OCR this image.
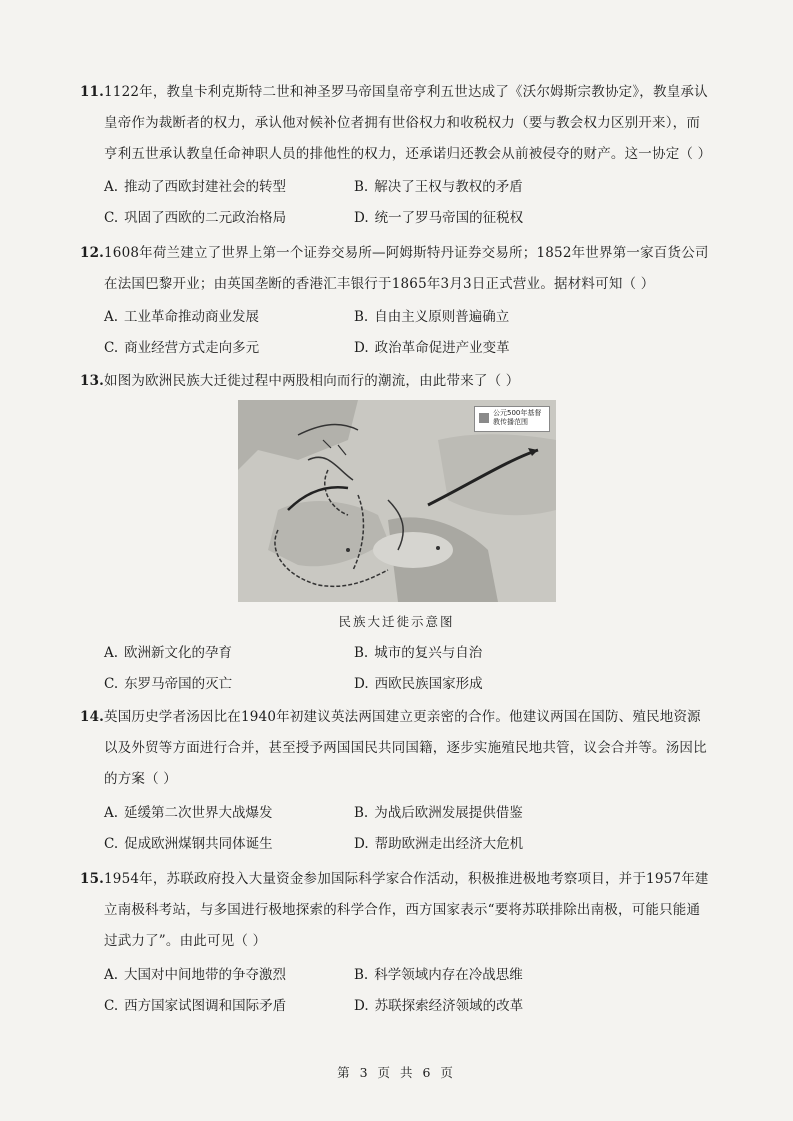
11.1122年，教皇卡利克斯特二世和神圣罗马帝国皇帝亨利五世达成了《沃尔姆斯宗教协定》，教皇承认
皇帝作为裁断者的权力，承认他对候补位者拥有世俗权力和收税权力（要与教会权力区别开来），而
亨利五世承认教皇任命神职人员的排他性的权力，还承诺归还教会从前被侵夺的财产。这一协定（ ）
A. 推动了西欧封建社会的转型	B. 解决了王权与教权的矛盾
C. 巩固了西欧的二元政治格局	D. 统一了罗马帝国的征税权
12.1608年荷兰建立了世界上第一个证券交易所—阿姆斯特丹证券交易所；1852年世界第一家百货公司
在法国巴黎开业；由英国垄断的香港汇丰银行于1865年3月3日正式营业。据材料可知（ ）
A. 工业革命推动商业发展	B. 自由主义原则普遍确立
C. 商业经营方式走向多元	D. 政治革命促进产业变革
13.如图为欧洲民族大迁徙过程中两股相向而行的潮流，由此带来了（ ）
公元500年基督教传播范围
民族大迁徙示意图
A. 欧洲新文化的孕育	B. 城市的复兴与自治
C. 东罗马帝国的灭亡	D. 西欧民族国家形成
14.英国历史学者汤因比在1940年初建议英法两国建立更亲密的合作。他建议两国在国防、殖民地资源
以及外贸等方面进行合并，甚至授予两国国民共同国籍，逐步实施殖民地共管，议会合并等。汤因比
的方案（ ）
A. 延缓第二次世界大战爆发	B. 为战后欧洲发展提供借鉴
C. 促成欧洲煤钢共同体诞生	D. 帮助欧洲走出经济大危机
15.1954年，苏联政府投入大量资金参加国际科学家合作活动，积极推进极地考察项目，并于1957年建
立南极科考站，与多国进行极地探索的科学合作，西方国家表示“要将苏联排除出南极，可能只能通
过武力了”。由此可见（ ）
A. 大国对中间地带的争夺激烈	B. 科学领域内存在冷战思维
C. 西方国家试图调和国际矛盾	D. 苏联探索经济领域的改革
第 3 页 共 6 页
